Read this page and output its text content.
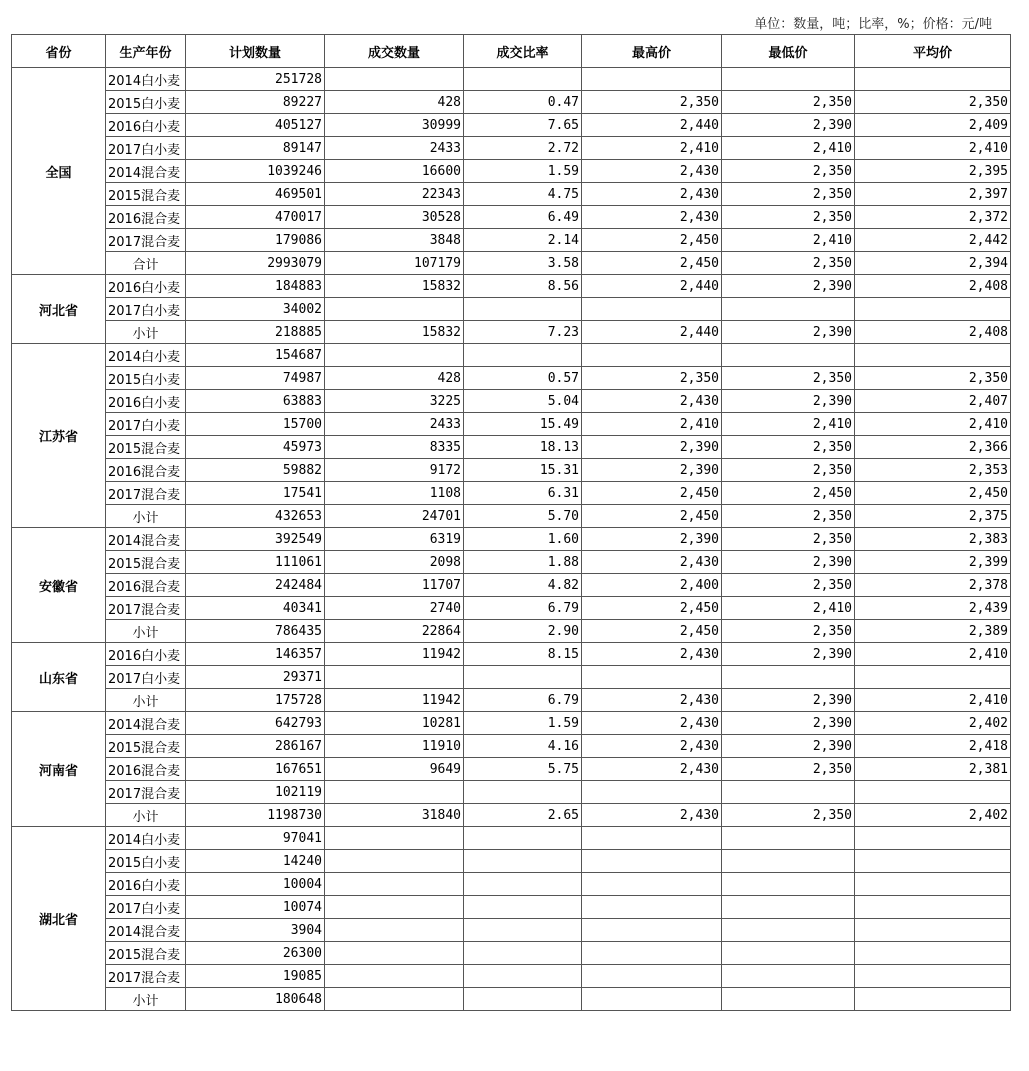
单位：数量，吨；比率，%；价格：元/吨
省份	生产年份	计划数量	成交数量	成交比率	最高价	最低价	平均价
全国	2014白小麦	251728					
	2015白小麦	89227	428	0.47	2,350	2,350	2,350
	2016白小麦	405127	30999	7.65	2,440	2,390	2,409
	2017白小麦	89147	2433	2.72	2,410	2,410	2,410
	2014混合麦	1039246	16600	1.59	2,430	2,350	2,395
	2015混合麦	469501	22343	4.75	2,430	2,350	2,397
	2016混合麦	470017	30528	6.49	2,430	2,350	2,372
	2017混合麦	179086	3848	2.14	2,450	2,410	2,442
	合计	2993079	107179	3.58	2,450	2,350	2,394
河北省	2016白小麦	184883	15832	8.56	2,440	2,390	2,408
	2017白小麦	34002					
	小计	218885	15832	7.23	2,440	2,390	2,408
江苏省	2014白小麦	154687					
	2015白小麦	74987	428	0.57	2,350	2,350	2,350
	2016白小麦	63883	3225	5.04	2,430	2,390	2,407
	2017白小麦	15700	2433	15.49	2,410	2,410	2,410
	2015混合麦	45973	8335	18.13	2,390	2,350	2,366
	2016混合麦	59882	9172	15.31	2,390	2,350	2,353
	2017混合麦	17541	1108	6.31	2,450	2,450	2,450
	小计	432653	24701	5.70	2,450	2,350	2,375
安徽省	2014混合麦	392549	6319	1.60	2,390	2,350	2,383
	2015混合麦	111061	2098	1.88	2,430	2,390	2,399
	2016混合麦	242484	11707	4.82	2,400	2,350	2,378
	2017混合麦	40341	2740	6.79	2,450	2,410	2,439
	小计	786435	22864	2.90	2,450	2,350	2,389
山东省	2016白小麦	146357	11942	8.15	2,430	2,390	2,410
	2017白小麦	29371					
	小计	175728	11942	6.79	2,430	2,390	2,410
河南省	2014混合麦	642793	10281	1.59	2,430	2,390	2,402
	2015混合麦	286167	11910	4.16	2,430	2,390	2,418
	2016混合麦	167651	9649	5.75	2,430	2,350	2,381
	2017混合麦	102119					
	小计	1198730	31840	2.65	2,430	2,350	2,402
湖北省	2014白小麦	97041					
	2015白小麦	14240					
	2016白小麦	10004					
	2017白小麦	10074					
	2014混合麦	3904					
	2015混合麦	26300					
	2017混合麦	19085					
	小计	180648					
